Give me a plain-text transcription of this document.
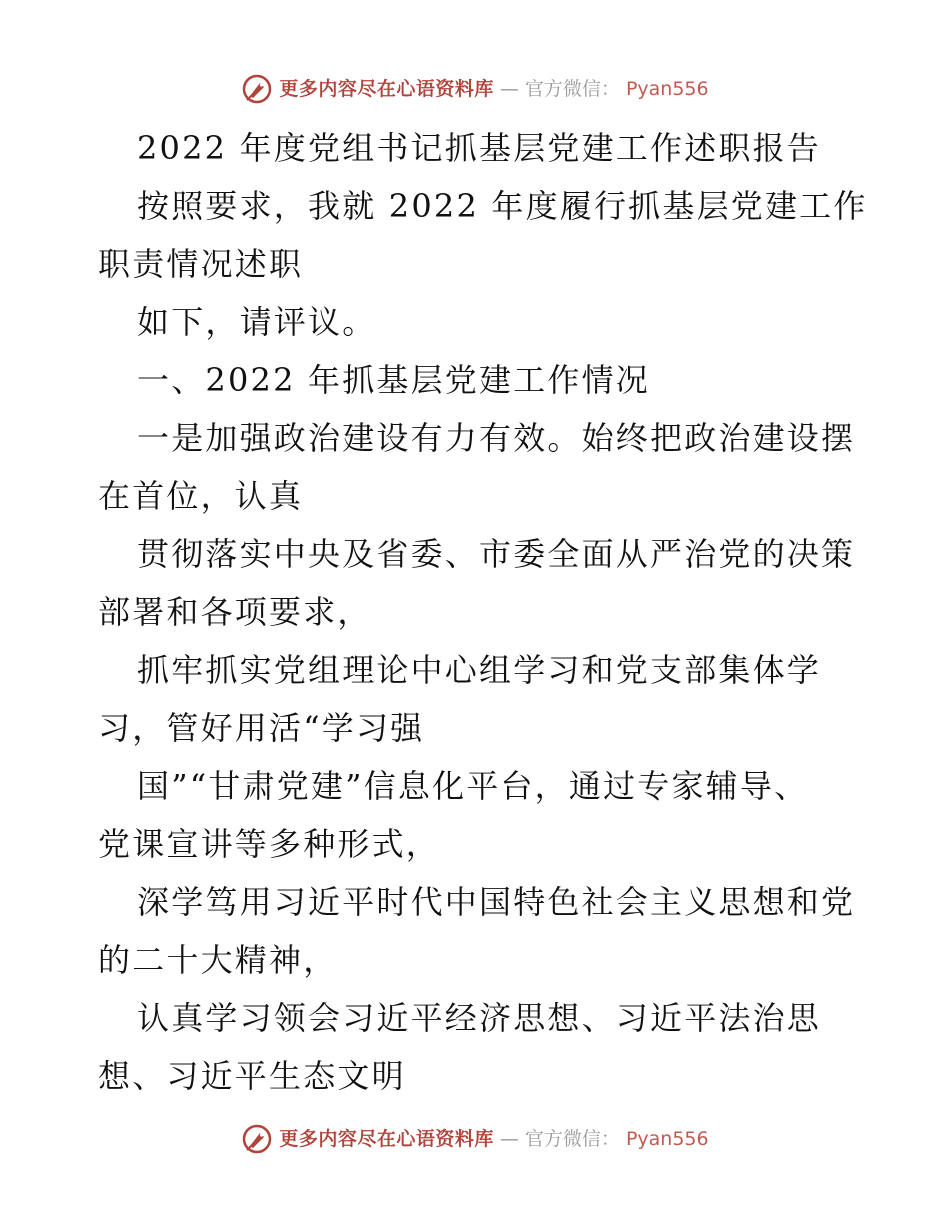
更多内容尽在心语资料库 — 官方微信： Pyan556
2022 年度党组书记抓基层党建工作述职报告
按照要求，我就 2022 年度履行抓基层党建工作
职责情况述职
如下，请评议。
一、2022 年抓基层党建工作情况
一是加强政治建设有力有效。始终把政治建设摆
在首位，认真
贯彻落实中央及省委、市委全面从严治党的决策
部署和各项要求，
抓牢抓实党组理论中心组学习和党支部集体学
习，管好用活“学习强
国”“甘肃党建”信息化平台，通过专家辅导、
党课宣讲等多种形式，
深学笃用习近平时代中国特色社会主义思想和党
的二十大精神，
认真学习领会习近平经济思想、习近平法治思
想、习近平生态文明
更多内容尽在心语资料库 — 官方微信： Pyan556
